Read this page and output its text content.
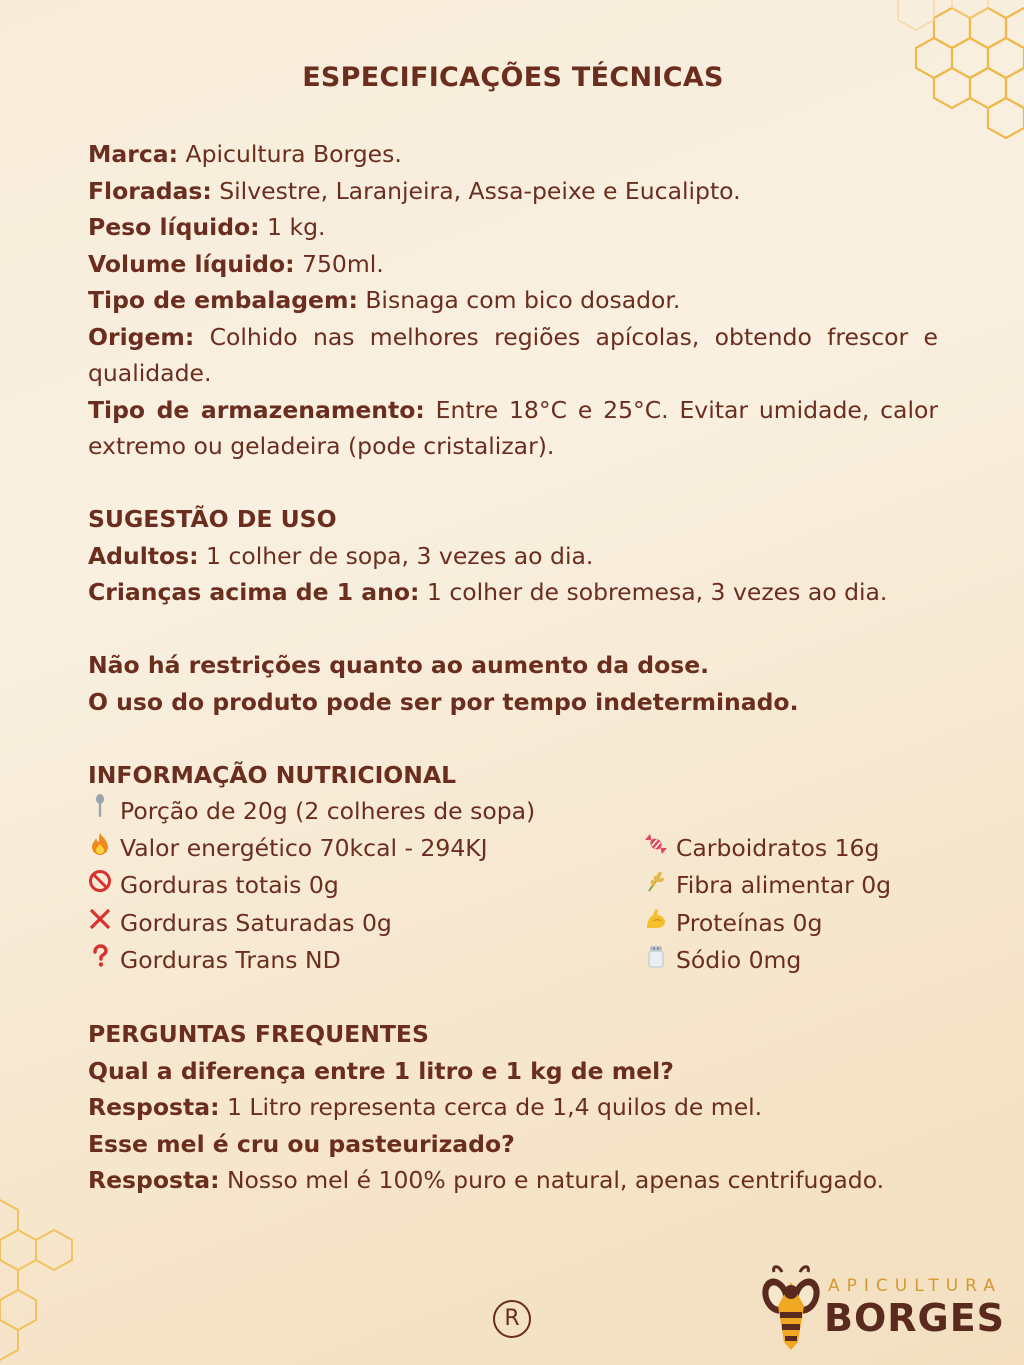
ESPECIFICAÇÕES TÉCNICAS
Marca: Apicultura Borges.
Floradas: Silvestre, Laranjeira, Assa-peixe e Eucalipto.
Peso líquido: 1 kg.
Volume líquido: 750ml.
Tipo de embalagem: Bisnaga com bico dosador.
Origem: Colhido nas melhores regiões apícolas, obtendo frescor e qualidade.
Tipo de armazenamento: Entre 18°C e 25°C. Evitar umidade, calor extremo ou geladeira (pode cristalizar).
SUGESTÃO DE USO
Adultos: 1 colher de sopa, 3 vezes ao dia.
Crianças acima de 1 ano: 1 colher de sobremesa, 3 vezes ao dia.
Não há restrições quanto ao aumento da dose.
O uso do produto pode ser por tempo indeterminado.
INFORMAÇÃO NUTRICIONAL
Porção de 20g (2 colheres de sopa)
Valor energético 70kcal - 294KJ	Carboidratos 16g
Gorduras totais 0g	Fibra alimentar 0g
Gorduras Saturadas 0g	Proteínas 0g
Gorduras Trans ND	Sódio 0mg
PERGUNTAS FREQUENTES
Qual a diferença entre 1 litro e 1 kg de mel?
Resposta: 1 Litro representa cerca de 1,4 quilos de mel.
Esse mel é cru ou pasteurizado?
Resposta: Nosso mel é 100% puro e natural, apenas centrifugado.
R
APICULTURA
BORGES
